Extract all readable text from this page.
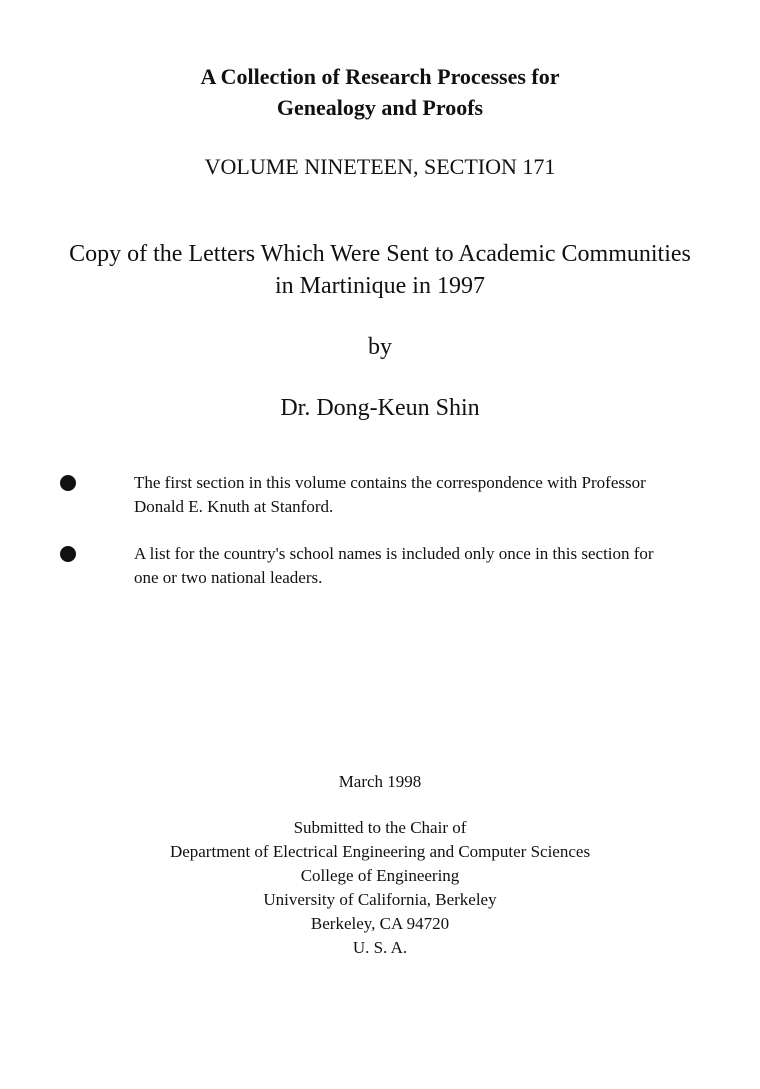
A Collection of Research Processes for
Genealogy and Proofs
VOLUME NINETEEN, SECTION 171
Copy of the Letters Which Were Sent to Academic Communities
in Martinique in 1997
by
Dr. Dong-Keun Shin
The first section in this volume contains the correspondence with Professor
Donald E. Knuth at Stanford.
A list for the country's school names is included only once in this section for
one or two national leaders.
March 1998
Submitted to the Chair of
Department of Electrical Engineering and Computer Sciences
College of Engineering
University of California, Berkeley
Berkeley, CA 94720
U. S. A.
